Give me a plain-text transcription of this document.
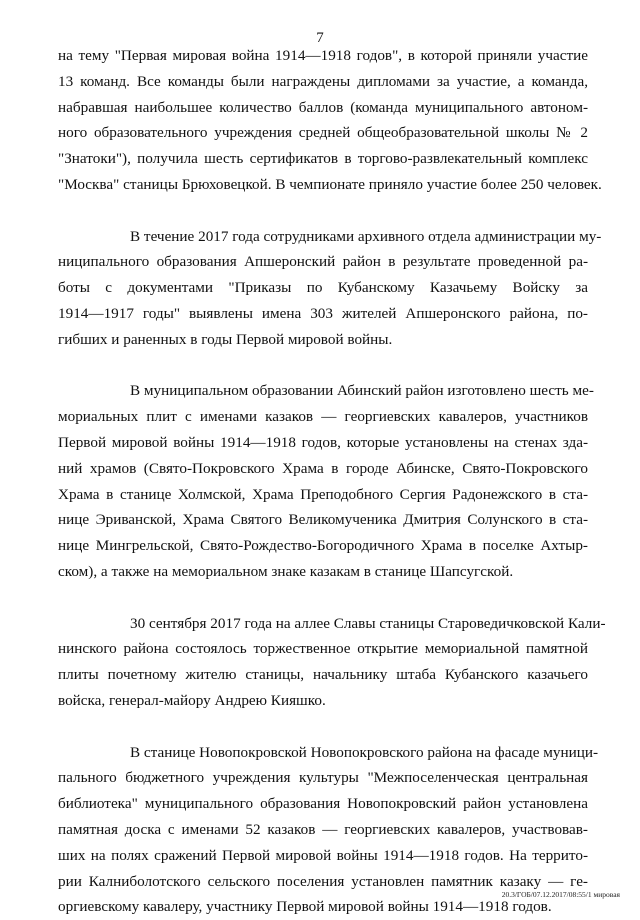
7
на тему "Первая мировая война 1914—1918 годов", в которой приняли участие
13 команд. Все команды были награждены дипломами за участие, а команда,
набравшая наибольшее количество баллов (команда муниципального автоном-
ного образовательного учреждения средней общеобразовательной школы № 2
"Знатоки"), получила шесть сертификатов в торгово-развлекательный комплекс
"Москва" станицы Брюховецкой. В чемпионате приняло участие более 250 человек.
В течение 2017 года сотрудниками архивного отдела администрации му-
ниципального образования Апшеронский район в результате проведенной ра-
боты с документами "Приказы по Кубанскому Казачьему Войску за
1914—1917 годы" выявлены имена 303 жителей Апшеронского района, по-
гибших и раненных в годы Первой мировой войны.
В муниципальном образовании Абинский район изготовлено шесть ме-
мориальных плит с именами казаков — георгиевских кавалеров, участников
Первой мировой войны 1914—1918 годов, которые установлены на стенах зда-
ний храмов (Свято-Покровского Храма в городе Абинске, Свято-Покровского
Храма в станице Холмской, Храма Преподобного Сергия Радонежского в ста-
нице Эриванской, Храма Святого Великомученика Дмитрия Солунского в ста-
нице Мингрельской, Свято-Рождество-Богородичного Храма в поселке Ахтыр-
ском), а также на мемориальном знаке казакам в станице Шапсугской.
30 сентября 2017 года на аллее Славы станицы Староведичковской Кали-
нинского района состоялось торжественное открытие мемориальной памятной
плиты почетному жителю станицы, начальнику штаба Кубанского казачьего
войска, генерал-майору Андрею Кияшко.
В станице Новопокровской Новопокровского района на фасаде муници-
пального бюджетного учреждения культуры "Межпоселенческая центральная
библиотека" муниципального образования Новопокровский район установлена
памятная доска с именами 52 казаков — георгиевских кавалеров, участвовав-
ших на полях сражений Первой мировой войны 1914—1918 годов. На террито-
рии Калниболотского сельского поселения установлен памятник казаку — ге-
оргиевскому кавалеру, участнику Первой мировой войны 1914—1918 годов.
20.3/ГОБ/07.12.2017/08:55/1 мировая
